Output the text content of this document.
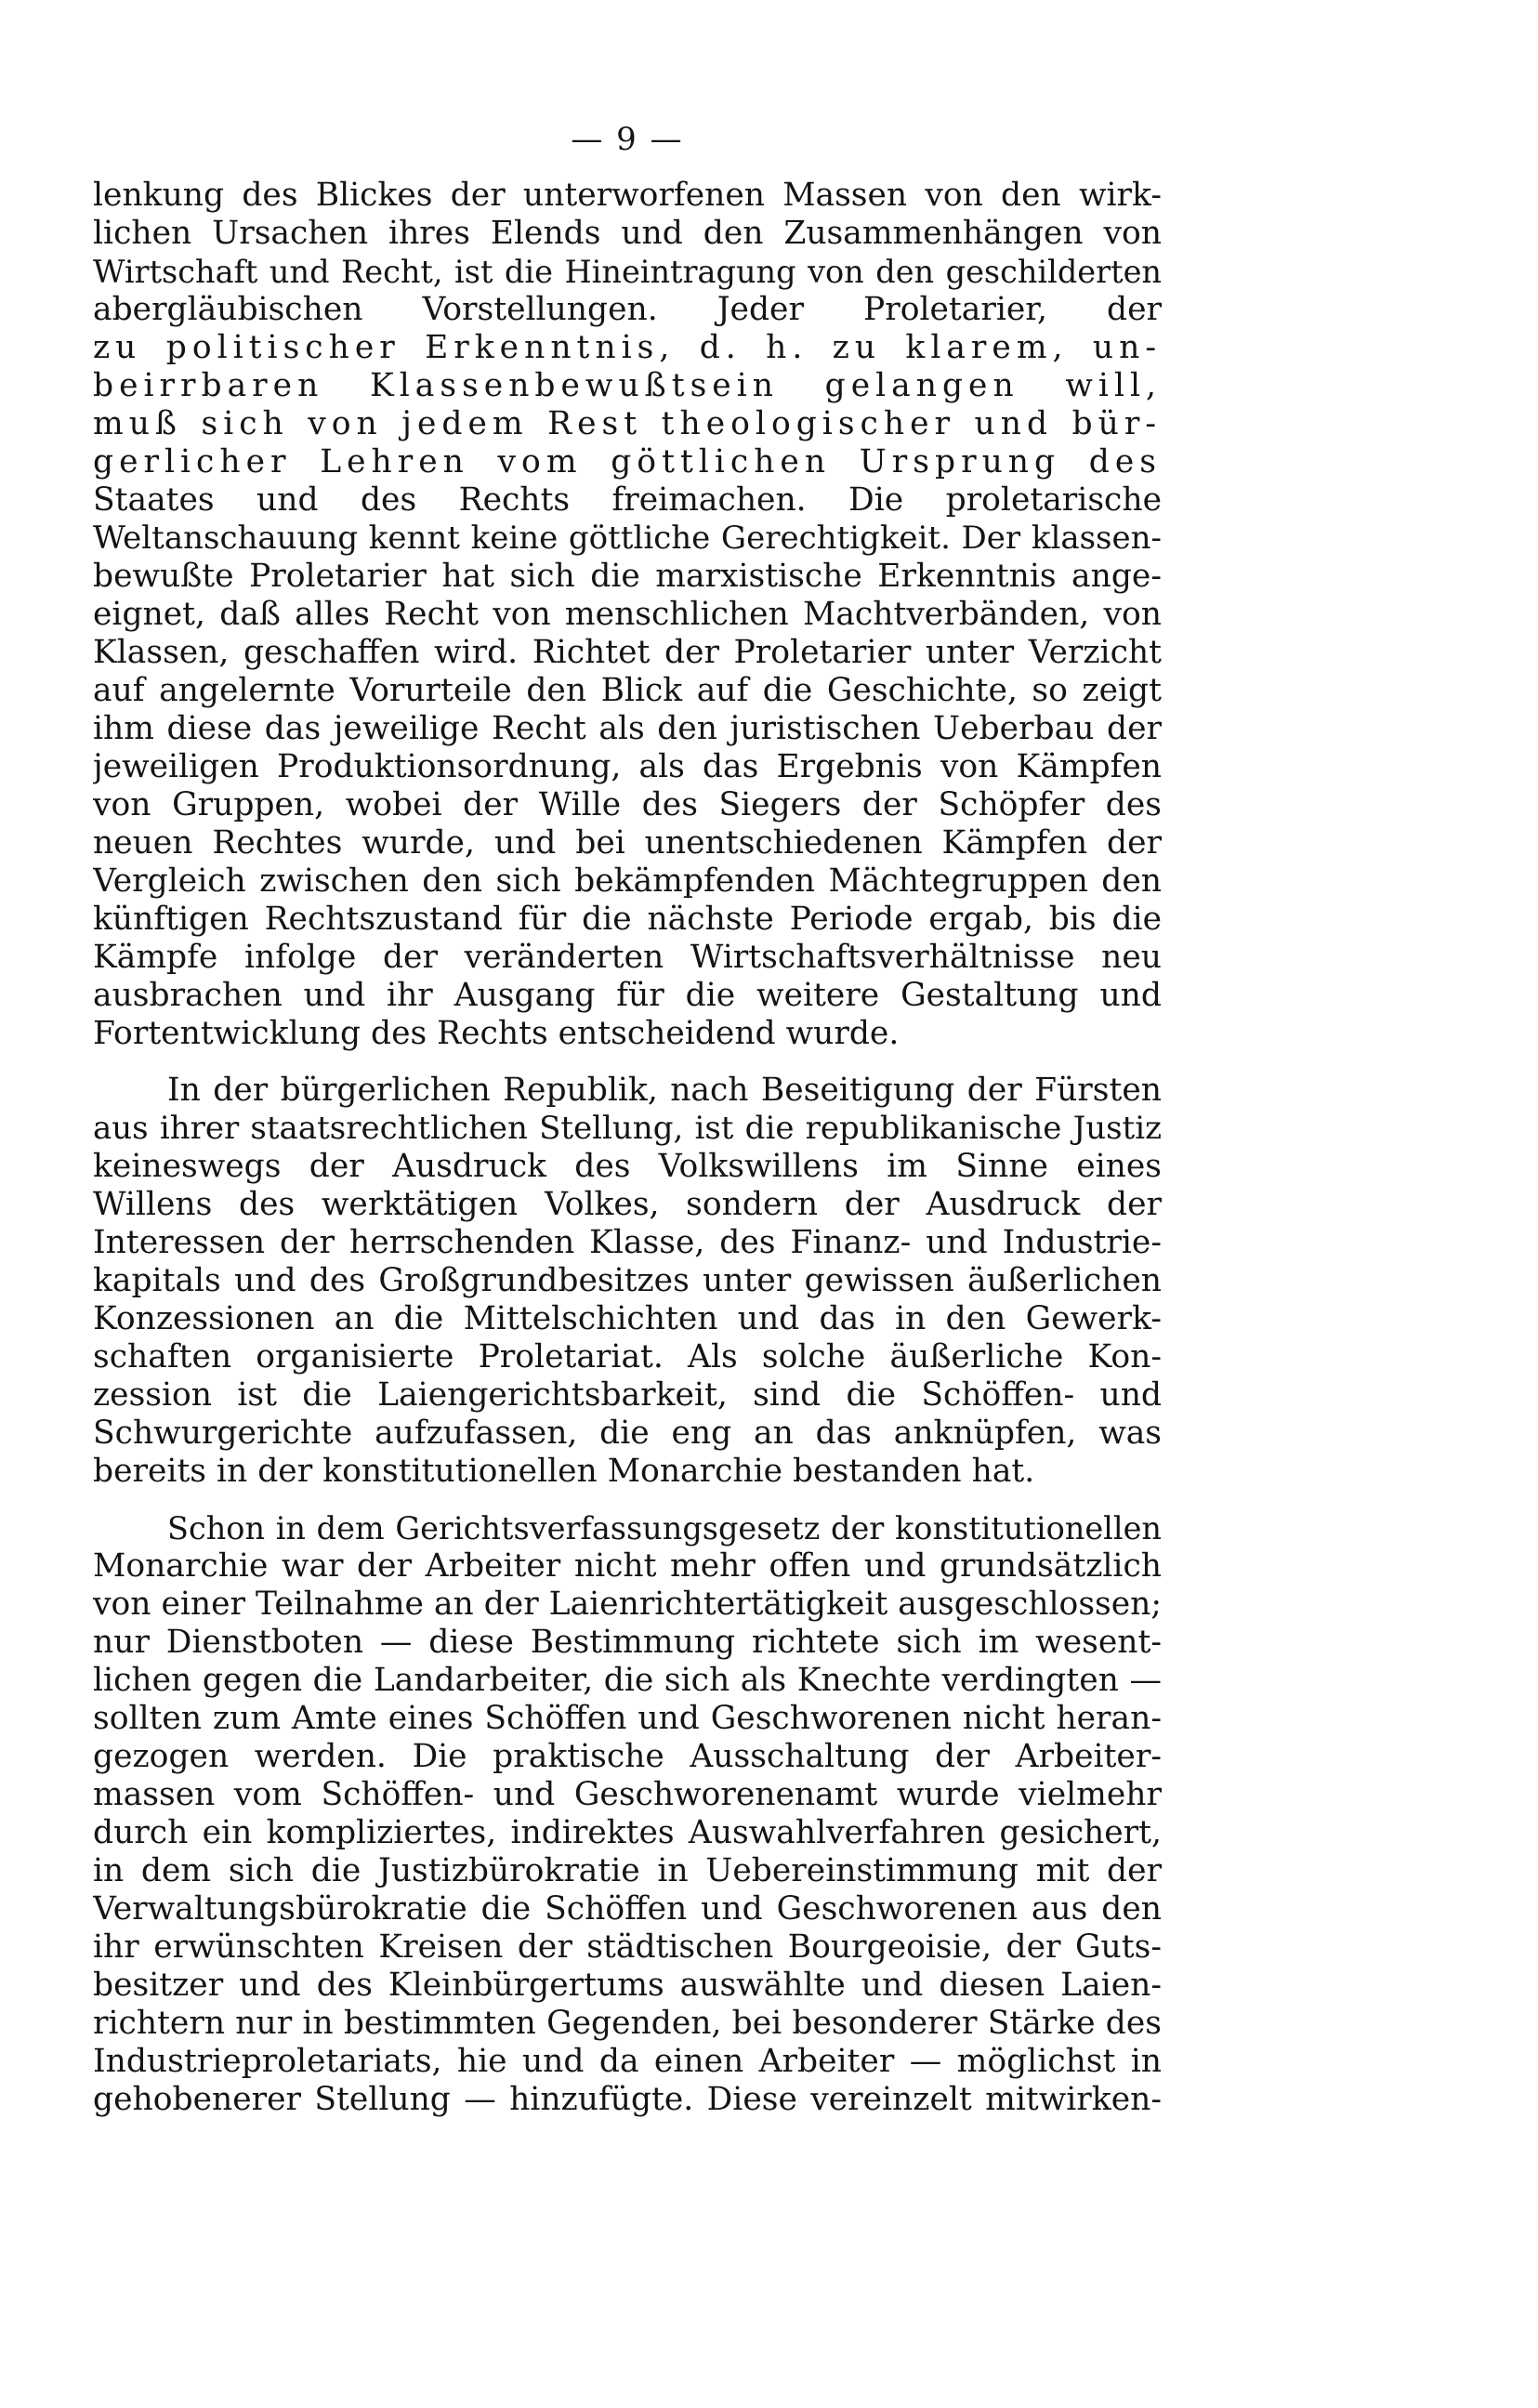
— 9 —
lenkung des Blickes der unterworfenen Massen von den wirk-
lichen Ursachen ihres Elends und den Zusammenhängen von
Wirtschaft und Recht, ist die Hineintragung von den geschilderten
abergläubischen Vorstellungen. Jeder Proletarier, der
zu politischer Erkenntnis, d. h. zu klarem, un-
beirrbaren Klassenbewußtsein gelangen will,
muß sich von jedem Rest theologischer und bür-
gerlicher Lehren vom göttlichen Ursprung des
Staates und des Rechts freimachen. Die proletarische
Weltanschauung kennt keine göttliche Gerechtigkeit. Der klassen-
bewußte Proletarier hat sich die marxistische Erkenntnis ange-
eignet, daß alles Recht von menschlichen Machtverbänden, von
Klassen, geschaffen wird. Richtet der Proletarier unter Verzicht
auf angelernte Vorurteile den Blick auf die Geschichte, so zeigt
ihm diese das jeweilige Recht als den juristischen Ueberbau der
jeweiligen Produktionsordnung, als das Ergebnis von Kämpfen
von Gruppen, wobei der Wille des Siegers der Schöpfer des
neuen Rechtes wurde, und bei unentschiedenen Kämpfen der
Vergleich zwischen den sich bekämpfenden Mächtegruppen den
künftigen Rechtszustand für die nächste Periode ergab, bis die
Kämpfe infolge der veränderten Wirtschaftsverhältnisse neu
ausbrachen und ihr Ausgang für die weitere Gestaltung und
Fortentwicklung des Rechts entscheidend wurde.
In der bürgerlichen Republik, nach Beseitigung der Fürsten
aus ihrer staatsrechtlichen Stellung, ist die republikanische Justiz
keineswegs der Ausdruck des Volkswillens im Sinne eines
Willens des werktätigen Volkes, sondern der Ausdruck der
Interessen der herrschenden Klasse, des Finanz- und Industrie-
kapitals und des Großgrundbesitzes unter gewissen äußerlichen
Konzessionen an die Mittelschichten und das in den Gewerk-
schaften organisierte Proletariat. Als solche äußerliche Kon-
zession ist die Laiengerichtsbarkeit, sind die Schöffen- und
Schwurgerichte aufzufassen, die eng an das anknüpfen, was
bereits in der konstitutionellen Monarchie bestanden hat.
Schon in dem Gerichtsverfassungsgesetz der konstitutionellen
Monarchie war der Arbeiter nicht mehr offen und grundsätzlich
von einer Teilnahme an der Laienrichtertätigkeit ausgeschlossen;
nur Dienstboten — diese Bestimmung richtete sich im wesent-
lichen gegen die Landarbeiter, die sich als Knechte verdingten —
sollten zum Amte eines Schöffen und Geschworenen nicht heran-
gezogen werden. Die praktische Ausschaltung der Arbeiter-
massen vom Schöffen- und Geschworenenamt wurde vielmehr
durch ein kompliziertes, indirektes Auswahlverfahren gesichert,
in dem sich die Justizbürokratie in Uebereinstimmung mit der
Verwaltungsbürokratie die Schöffen und Geschworenen aus den
ihr erwünschten Kreisen der städtischen Bourgeoisie, der Guts-
besitzer und des Kleinbürgertums auswählte und diesen Laien-
richtern nur in bestimmten Gegenden, bei besonderer Stärke des
Industrieproletariats, hie und da einen Arbeiter — möglichst in
gehobenerer Stellung — hinzufügte. Diese vereinzelt mitwirken-
